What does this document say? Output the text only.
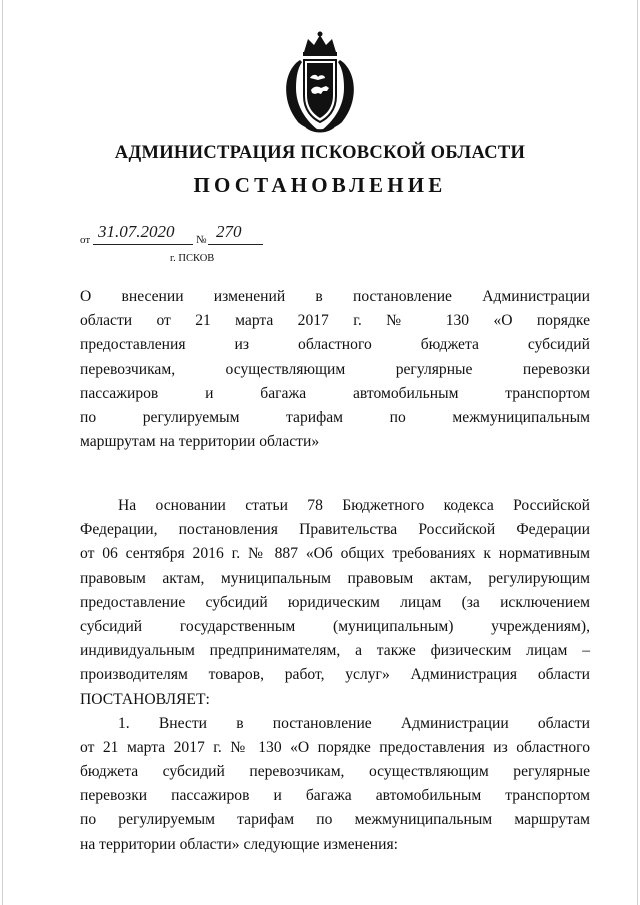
АДМИНИСТРАЦИЯ ПСКОВСКОЙ ОБЛАСТИ
ПОСТАНОВЛЕНИЕ
от 31.07.2020 № 270
г. ПСКОВ
О внесении изменений в постановление Администрации
области от 21 марта 2017 г. № 130 «О порядке
предоставления из областного бюджета субсидий
перевозчикам, осуществляющим регулярные перевозки
пассажиров и багажа автомобильным транспортом
по регулируемым тарифам по межмуниципальным
маршрутам на территории области»
На основании статьи 78 Бюджетного кодекса Российской
Федерации, постановления Правительства Российской Федерации
от 06 сентября 2016 г. № 887 «Об общих требованиях к нормативным
правовым актам, муниципальным правовым актам, регулирующим
предоставление субсидий юридическим лицам (за исключением
субсидий государственным (муниципальным) учреждениям),
индивидуальным предпринимателям, а также физическим лицам –
производителям товаров, работ, услуг» Администрация области
ПОСТАНОВЛЯЕТ:
1. Внести в постановление Администрации области
от 21 марта 2017 г. № 130 «О порядке предоставления из областного
бюджета субсидий перевозчикам, осуществляющим регулярные
перевозки пассажиров и багажа автомобильным транспортом
по регулируемым тарифам по межмуниципальным маршрутам
на территории области» следующие изменения:
